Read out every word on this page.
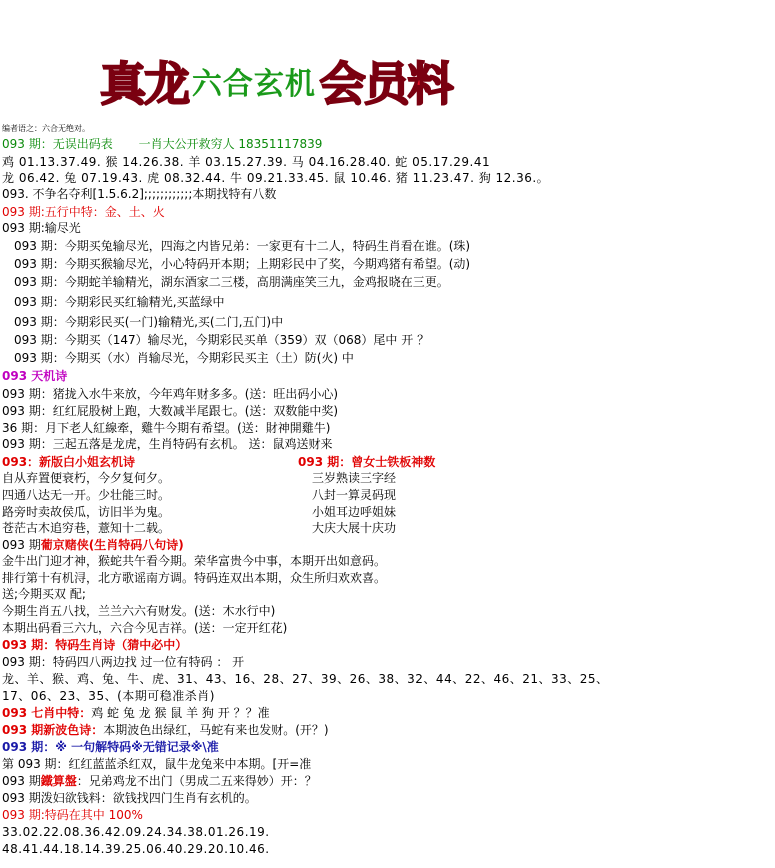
真龙 六合玄机 会员料
编者语之：六合无绝对。
093 期：无误出码表 一肖大公开救穷人 18351117839
鸡 01.13.37.49. 猴 14.26.38. 羊 03.15.27.39. 马 04.16.28.40. 蛇 05.17.29.41
龙 06.42. 兔 07.19.43. 虎 08.32.44. 牛 09.21.33.45. 鼠 10.46. 猪 11.23.47. 狗 12.36.。
093. 不争名夺利[1.5.6.2];;;;;;;;;;;;本期找特有八数
093 期:五行中特：金、土、火
093 期:输尽光
093 期：今期买兔输尽光，四海之内皆兄弟：一家更有十二人，特码生肖看在谁。(珠)
093 期：今期买猴输尽光，小心特码开本期；上期彩民中了奖，今期鸡猪有希望。(动)
093 期：今期蛇羊输精光，湖东酒家二三楼，高朋满座笑三九，金鸡报晓在三更。
093 期：今期彩民买红输精光,买蓝绿中
093 期：今期彩民买(一门)输精光,买(二门,五门)中
093 期：今期买（147）输尽光，今期彩民买单（359）双（068）尾中 开 ？
093 期：今期买（水）肖输尽光，今期彩民买主（土）防(火) 中
093 天机诗
093 期：猪拢入水牛来放，今年鸡年财多多。(送：旺出码小心)
093 期：红红屁股树上跑，大数减半尾跟七。(送：双数能中奖)
36 期：月下老人紅線牽，雞牛今期有希望。(送：財神開雞牛)
093 期：三起五落是龙虎，生肖特码有玄机。 送：鼠鸡送财来
093：新版白小姐玄机诗	093 期：曾女士铁板神数
自从弃置便衰朽，今夕复何夕。	三岁熟读三字经
四通八达无一开。少壮能三时。	八封一算灵码现
路旁时卖故侯瓜，访旧半为鬼。	小姐耳边呼姐妹
苍茫古木追穷巷，薏知十二载。	大庆大展十庆功
093 期葡京赌侠(生肖特码八句诗)
金牛出门迎才神，猴蛇共午看今期。荣华富贵今中事，本期开出如意码。
排行第十有机浔，北方歌谣南方调。特码连双出本期，众生所归欢欢喜。
送;今期买双 配;
今期生肖五八找，兰兰六六有财发。(送：木水行中)
本期出码看三六九，六合今见吉祥。(送：一定开红花)
093 期：特码生肖诗（猜中必中）
093 期：特码四八两边找 过一位有特码 ： 开
龙、羊、猴、鸡、兔、牛、虎、31、43、16、28、27、39、26、38、32、44、22、46、21、33、25、
17、06、23、35、(本期可稳准杀肖)
093 七肖中特：鸡 蛇 兔 龙 猴 鼠 羊 狗 开 ？？准
093 期新波色诗：本期波色出绿红，马蛇有来也发财。(开？)
093 期：※ 一句解特码※无错记录※\准
第 093 期：红红蓝蓝杀红双，鼠牛龙兔来中本期。[开=准
093 期鐵算盤：兄弟鸡龙不出门（男成二五来得妙）开：？
093 期泼妇欲钱料：欲钱找四门生肖有玄机的。
093 期:特码在其中 100%
33.02.22.08.36.42.09.24.34.38.01.26.19.
48.41.44.18.14.39.25.06.40.29.20.10.46.
